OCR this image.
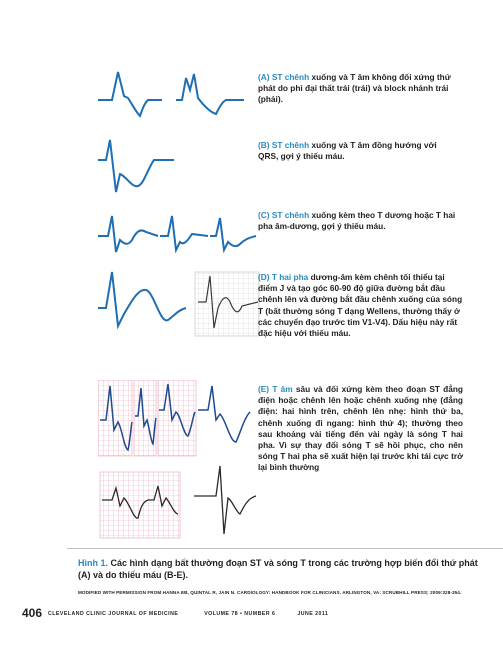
(A) ST chênh xuống và T âm không đối xứng thứ phát do phì đại thất trái (trái) và block nhánh trái (phải).
(B) ST chênh xuống và T âm đồng hướng với QRS, gợi ý thiếu máu.
(C) ST chênh xuống kèm theo T dương hoặc T hai pha âm-dương, gợi ý thiếu máu.
(D) T hai pha dương-âm kèm chênh tối thiểu tại điểm J và tạo góc 60-90 độ giữa đường bắt đầu chênh lên và đường bắt đầu chênh xuống của sóng T (bất thường sóng T dạng Wellens, thường thấy ở các chuyển đạo trước tim V1-V4). Dấu hiệu này rất đặc hiệu với thiếu máu.
(E) T âm sâu và đối xứng kèm theo đoạn ST đẳng điện hoặc chênh lên hoặc chênh xuống nhẹ (đẳng điện: hai hình trên, chênh lên nhẹ: hình thứ ba, chênh xuống đi ngang: hình thứ 4); thường theo sau khoảng vài tiếng đến vài ngày là sóng T hai pha. Vì sự thay đổi sóng T sẽ hồi phục, cho nên sóng T hai pha sẽ xuất hiện lại trước khi tái cực trở lại bình thường
Hình 1. Các hình dạng bất thường đoạn ST và sóng T trong các trường hợp biến đổi thứ phát (A) và do thiếu máu (B-E).
MODIFIED WITH PERMISSION FROM HANNA EB, QUINTAL R, JAIN N. CARDIOLOGY: HANDBOOK FOR CLINICIANS. ARLINGTON, VA: SCRUBHILL PRESS; 2009:328-354.
406 CLEVELAND CLINIC JOURNAL OF MEDICINE	VOLUME 78 • NUMBER 6	JUNE 2011
